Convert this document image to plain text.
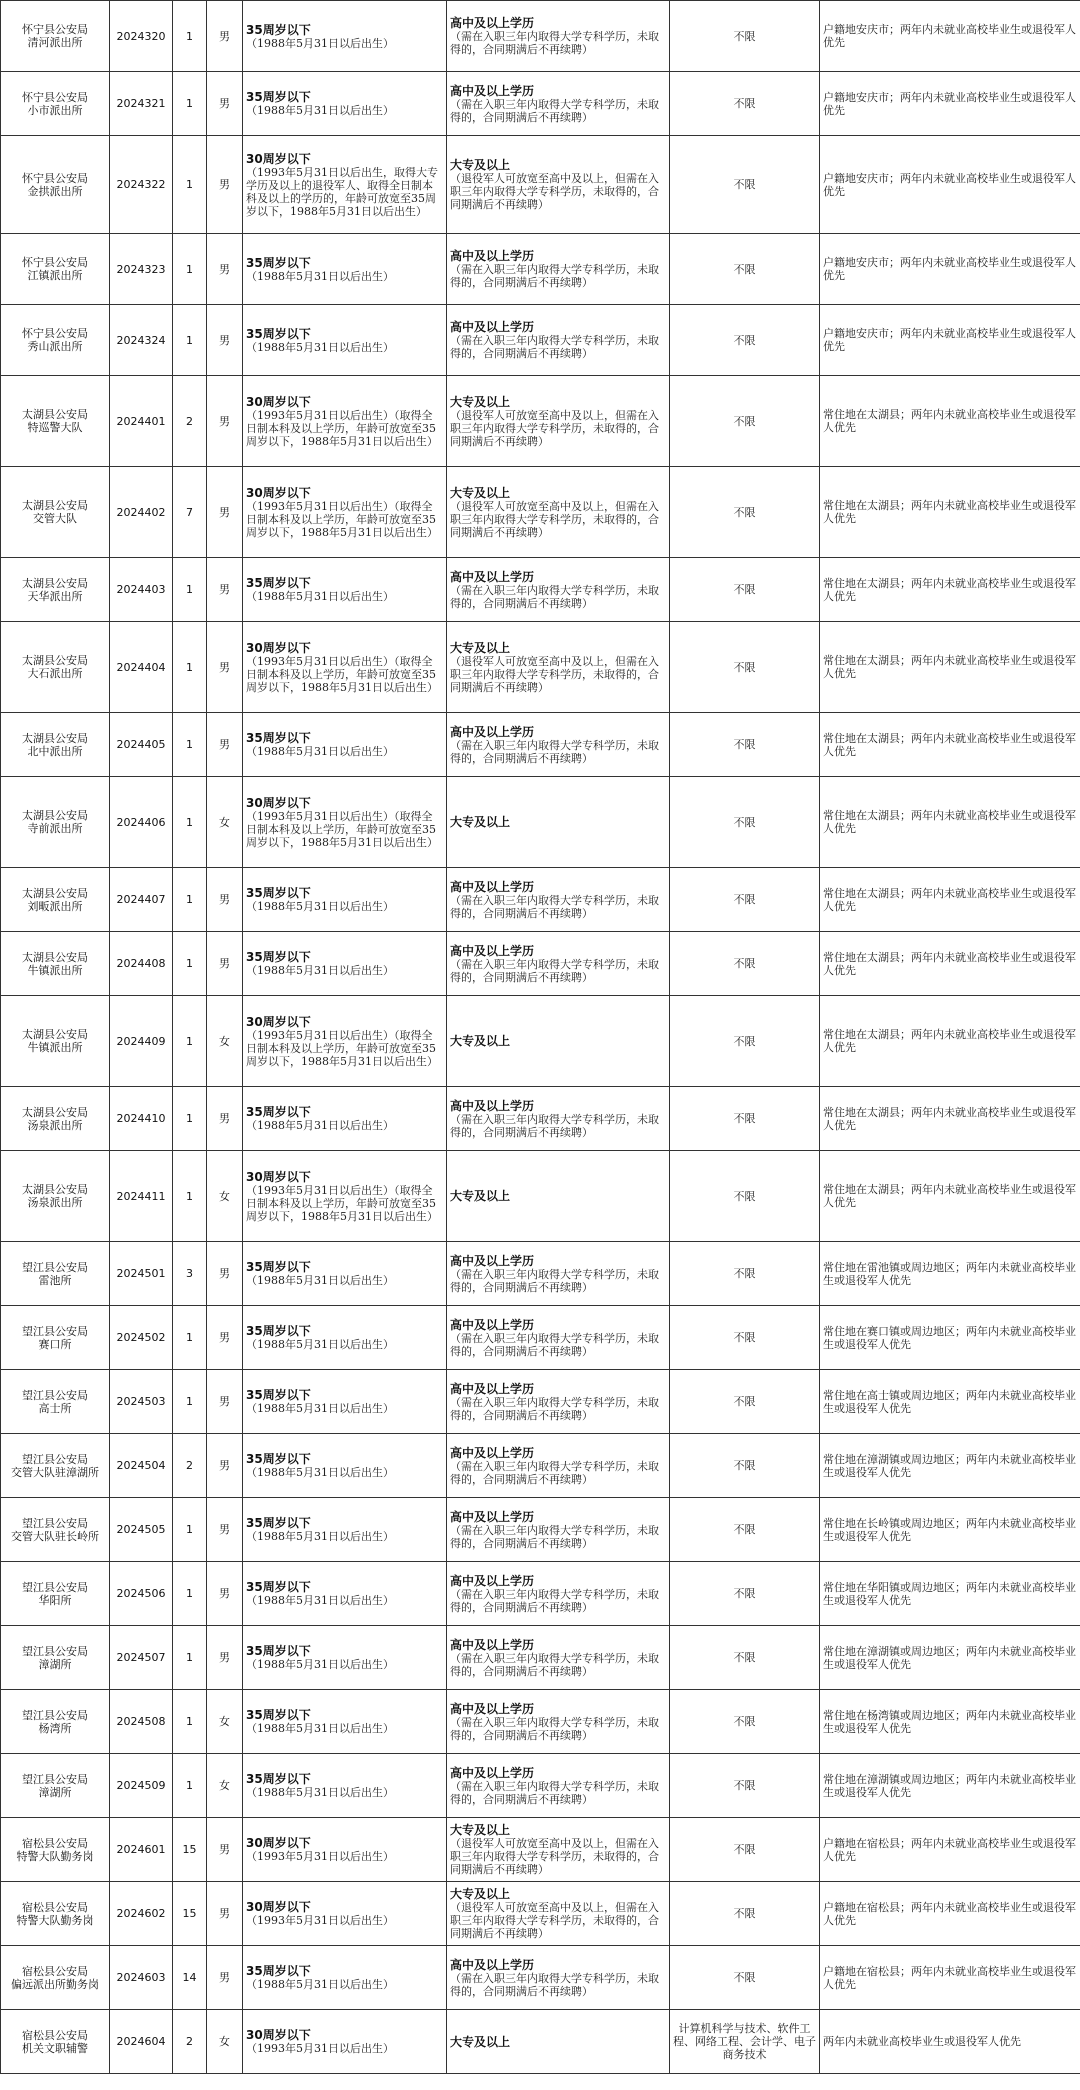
怀宁县公安局
清河派出所	2024320	1	男	35周岁以下
（1988年5月31日以后出生）	高中及以上学历
（需在入职三年内取得大学专科学历，未取得的，合同期满后不再续聘）	不限	户籍地安庆市；两年内未就业高校毕业生或退役军人优先
怀宁县公安局
小市派出所	2024321	1	男	35周岁以下
（1988年5月31日以后出生）	高中及以上学历
（需在入职三年内取得大学专科学历，未取得的，合同期满后不再续聘）	不限	户籍地安庆市；两年内未就业高校毕业生或退役军人优先
怀宁县公安局
金拱派出所	2024322	1	男	30周岁以下
（1993年5月31日以后出生，取得大专学历及以上的退役军人、取得全日制本科及以上的学历的，年龄可放宽至35周岁以下，1988年5月31日以后出生）	大专及以上
（退役军人可放宽至高中及以上，但需在入职三年内取得大学专科学历，未取得的，合同期满后不再续聘）	不限	户籍地安庆市；两年内未就业高校毕业生或退役军人优先
怀宁县公安局
江镇派出所	2024323	1	男	35周岁以下
（1988年5月31日以后出生）	高中及以上学历
（需在入职三年内取得大学专科学历，未取得的，合同期满后不再续聘）	不限	户籍地安庆市；两年内未就业高校毕业生或退役军人优先
怀宁县公安局
秀山派出所	2024324	1	男	35周岁以下
（1988年5月31日以后出生）	高中及以上学历
（需在入职三年内取得大学专科学历，未取得的，合同期满后不再续聘）	不限	户籍地安庆市；两年内未就业高校毕业生或退役军人优先
太湖县公安局
特巡警大队	2024401	2	男	30周岁以下
（1993年5月31日以后出生）（取得全日制本科及以上学历，年龄可放宽至35周岁以下，1988年5月31日以后出生）	大专及以上
（退役军人可放宽至高中及以上，但需在入职三年内取得大学专科学历，未取得的，合同期满后不再续聘）	不限	常住地在太湖县；两年内未就业高校毕业生或退役军人优先
太湖县公安局
交管大队	2024402	7	男	30周岁以下
（1993年5月31日以后出生）（取得全日制本科及以上学历，年龄可放宽至35周岁以下，1988年5月31日以后出生）	大专及以上
（退役军人可放宽至高中及以上，但需在入职三年内取得大学专科学历，未取得的，合同期满后不再续聘）	不限	常住地在太湖县；两年内未就业高校毕业生或退役军人优先
太湖县公安局
天华派出所	2024403	1	男	35周岁以下
（1988年5月31日以后出生）	高中及以上学历
（需在入职三年内取得大学专科学历，未取得的，合同期满后不再续聘）	不限	常住地在太湖县；两年内未就业高校毕业生或退役军人优先
太湖县公安局
大石派出所	2024404	1	男	30周岁以下
（1993年5月31日以后出生）（取得全日制本科及以上学历，年龄可放宽至35周岁以下，1988年5月31日以后出生）	大专及以上
（退役军人可放宽至高中及以上，但需在入职三年内取得大学专科学历，未取得的，合同期满后不再续聘）	不限	常住地在太湖县；两年内未就业高校毕业生或退役军人优先
太湖县公安局
北中派出所	2024405	1	男	35周岁以下
（1988年5月31日以后出生）	高中及以上学历
（需在入职三年内取得大学专科学历，未取得的，合同期满后不再续聘）	不限	常住地在太湖县；两年内未就业高校毕业生或退役军人优先
太湖县公安局
寺前派出所	2024406	1	女	30周岁以下
（1993年5月31日以后出生）（取得全日制本科及以上学历，年龄可放宽至35周岁以下，1988年5月31日以后出生）	大专及以上	不限	常住地在太湖县；两年内未就业高校毕业生或退役军人优先
太湖县公安局
刘畈派出所	2024407	1	男	35周岁以下
（1988年5月31日以后出生）	高中及以上学历
（需在入职三年内取得大学专科学历，未取得的，合同期满后不再续聘）	不限	常住地在太湖县；两年内未就业高校毕业生或退役军人优先
太湖县公安局
牛镇派出所	2024408	1	男	35周岁以下
（1988年5月31日以后出生）	高中及以上学历
（需在入职三年内取得大学专科学历，未取得的，合同期满后不再续聘）	不限	常住地在太湖县；两年内未就业高校毕业生或退役军人优先
太湖县公安局
牛镇派出所	2024409	1	女	30周岁以下
（1993年5月31日以后出生）（取得全日制本科及以上学历，年龄可放宽至35周岁以下，1988年5月31日以后出生）	大专及以上	不限	常住地在太湖县；两年内未就业高校毕业生或退役军人优先
太湖县公安局
汤泉派出所	2024410	1	男	35周岁以下
（1988年5月31日以后出生）	高中及以上学历
（需在入职三年内取得大学专科学历，未取得的，合同期满后不再续聘）	不限	常住地在太湖县；两年内未就业高校毕业生或退役军人优先
太湖县公安局
汤泉派出所	2024411	1	女	30周岁以下
（1993年5月31日以后出生）（取得全日制本科及以上学历，年龄可放宽至35周岁以下，1988年5月31日以后出生）	大专及以上	不限	常住地在太湖县；两年内未就业高校毕业生或退役军人优先
望江县公安局
雷池所	2024501	3	男	35周岁以下
（1988年5月31日以后出生）	高中及以上学历
（需在入职三年内取得大学专科学历，未取得的，合同期满后不再续聘）	不限	常住地在雷池镇或周边地区；两年内未就业高校毕业生或退役军人优先
望江县公安局
赛口所	2024502	1	男	35周岁以下
（1988年5月31日以后出生）	高中及以上学历
（需在入职三年内取得大学专科学历，未取得的，合同期满后不再续聘）	不限	常住地在赛口镇或周边地区；两年内未就业高校毕业生或退役军人优先
望江县公安局
高士所	2024503	1	男	35周岁以下
（1988年5月31日以后出生）	高中及以上学历
（需在入职三年内取得大学专科学历，未取得的，合同期满后不再续聘）	不限	常住地在高士镇或周边地区；两年内未就业高校毕业生或退役军人优先
望江县公安局
交管大队驻漳湖所	2024504	2	男	35周岁以下
（1988年5月31日以后出生）	高中及以上学历
（需在入职三年内取得大学专科学历，未取得的，合同期满后不再续聘）	不限	常住地在漳湖镇或周边地区；两年内未就业高校毕业生或退役军人优先
望江县公安局
交管大队驻长岭所	2024505	1	男	35周岁以下
（1988年5月31日以后出生）	高中及以上学历
（需在入职三年内取得大学专科学历，未取得的，合同期满后不再续聘）	不限	常住地在长岭镇或周边地区；两年内未就业高校毕业生或退役军人优先
望江县公安局
华阳所	2024506	1	男	35周岁以下
（1988年5月31日以后出生）	高中及以上学历
（需在入职三年内取得大学专科学历，未取得的，合同期满后不再续聘）	不限	常住地在华阳镇或周边地区；两年内未就业高校毕业生或退役军人优先
望江县公安局
漳湖所	2024507	1	男	35周岁以下
（1988年5月31日以后出生）	高中及以上学历
（需在入职三年内取得大学专科学历，未取得的，合同期满后不再续聘）	不限	常住地在漳湖镇或周边地区；两年内未就业高校毕业生或退役军人优先
望江县公安局
杨湾所	2024508	1	女	35周岁以下
（1988年5月31日以后出生）	高中及以上学历
（需在入职三年内取得大学专科学历，未取得的，合同期满后不再续聘）	不限	常住地在杨湾镇或周边地区；两年内未就业高校毕业生或退役军人优先
望江县公安局
漳湖所	2024509	1	女	35周岁以下
（1988年5月31日以后出生）	高中及以上学历
（需在入职三年内取得大学专科学历，未取得的，合同期满后不再续聘）	不限	常住地在漳湖镇或周边地区；两年内未就业高校毕业生或退役军人优先
宿松县公安局
特警大队勤务岗	2024601	15	男	30周岁以下
（1993年5月31日以后出生）	大专及以上
（退役军人可放宽至高中及以上，但需在入职三年内取得大学专科学历，未取得的，合同期满后不再续聘）	不限	户籍地在宿松县；两年内未就业高校毕业生或退役军人优先
宿松县公安局
特警大队勤务岗	2024602	15	男	30周岁以下
（1993年5月31日以后出生）	大专及以上
（退役军人可放宽至高中及以上，但需在入职三年内取得大学专科学历，未取得的，合同期满后不再续聘）	不限	户籍地在宿松县；两年内未就业高校毕业生或退役军人优先
宿松县公安局
偏远派出所勤务岗	2024603	14	男	35周岁以下
（1988年5月31日以后出生）	高中及以上学历
（需在入职三年内取得大学专科学历，未取得的，合同期满后不再续聘）	不限	户籍地在宿松县；两年内未就业高校毕业生或退役军人优先
宿松县公安局
机关文职辅警	2024604	2	女	30周岁以下
（1993年5月31日以后出生）	大专及以上	计算机科学与技术、软件工程、网络工程、会计学、电子商务技术	两年内未就业高校毕业生或退役军人优先
